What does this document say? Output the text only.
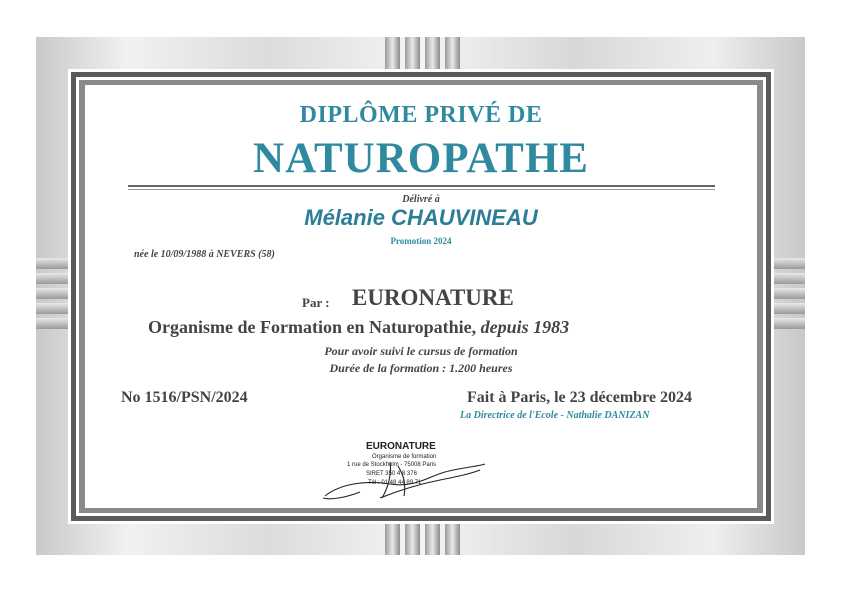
DIPLÔME PRIVÉ DE
NATUROPATHE
Délivré à
Mélanie CHAUVINEAU
Promotion 2024
née le 10/09/1988 à NEVERS (58)
Par : EURONATURE
Organisme de Formation en Naturopathie, depuis 1983
Pour avoir suivi le cursus de formation
Durée de la formation : 1.200 heures
No 1516/PSN/2024	Fait à Paris, le 23 décembre 2024
La Directrice de l'Ecole - Nathalie DANIZAN
EURONATURE
Organisme de formation
1 rue de Stockholm - 75008 Paris
SIRET 350 4 8 376
Tél : 01 48 44 89 71
